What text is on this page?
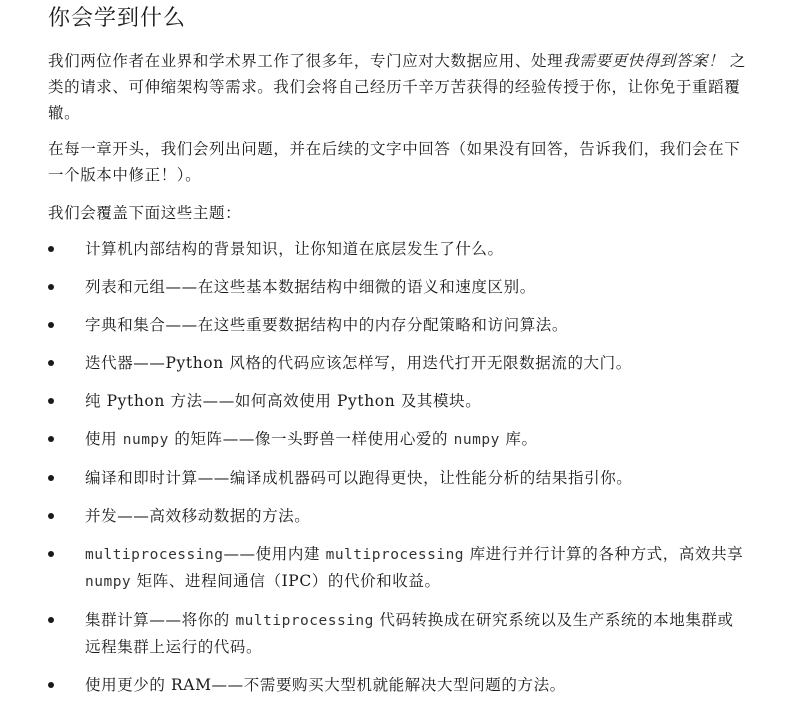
你会学到什么

我们两位作者在业界和学术界工作了很多年，专门应对大数据应用、处理我需要更快得到答案！ 之类的请求、可伸缩架构等需求。我们会将自己经历千辛万苦获得的经验传授于你，让你免于重蹈覆辙。

在每一章开头，我们会列出问题，并在后续的文字中回答（如果没有回答，告诉我们，我们会在下一个版本中修正！）。

我们会覆盖下面这些主题：

计算机内部结构的背景知识，让你知道在底层发生了什么。
列表和元组——在这些基本数据结构中细微的语义和速度区别。
字典和集合——在这些重要数据结构中的内存分配策略和访问算法。
迭代器——Python 风格的代码应该怎样写，用迭代打开无限数据流的大门。
纯 Python 方法——如何高效使用 Python 及其模块。
使用 numpy 的矩阵——像一头野兽一样使用心爱的 numpy 库。
编译和即时计算——编译成机器码可以跑得更快，让性能分析的结果指引你。
并发——高效移动数据的方法。
multiprocessing——使用内建 multiprocessing 库进行并行计算的各种方式，高效共享 numpy 矩阵、进程间通信（IPC）的代价和收益。
集群计算——将你的 multiprocessing 代码转换成在研究系统以及生产系统的本地集群或远程集群上运行的代码。
使用更少的 RAM——不需要购买大型机就能解决大型问题的方法。
